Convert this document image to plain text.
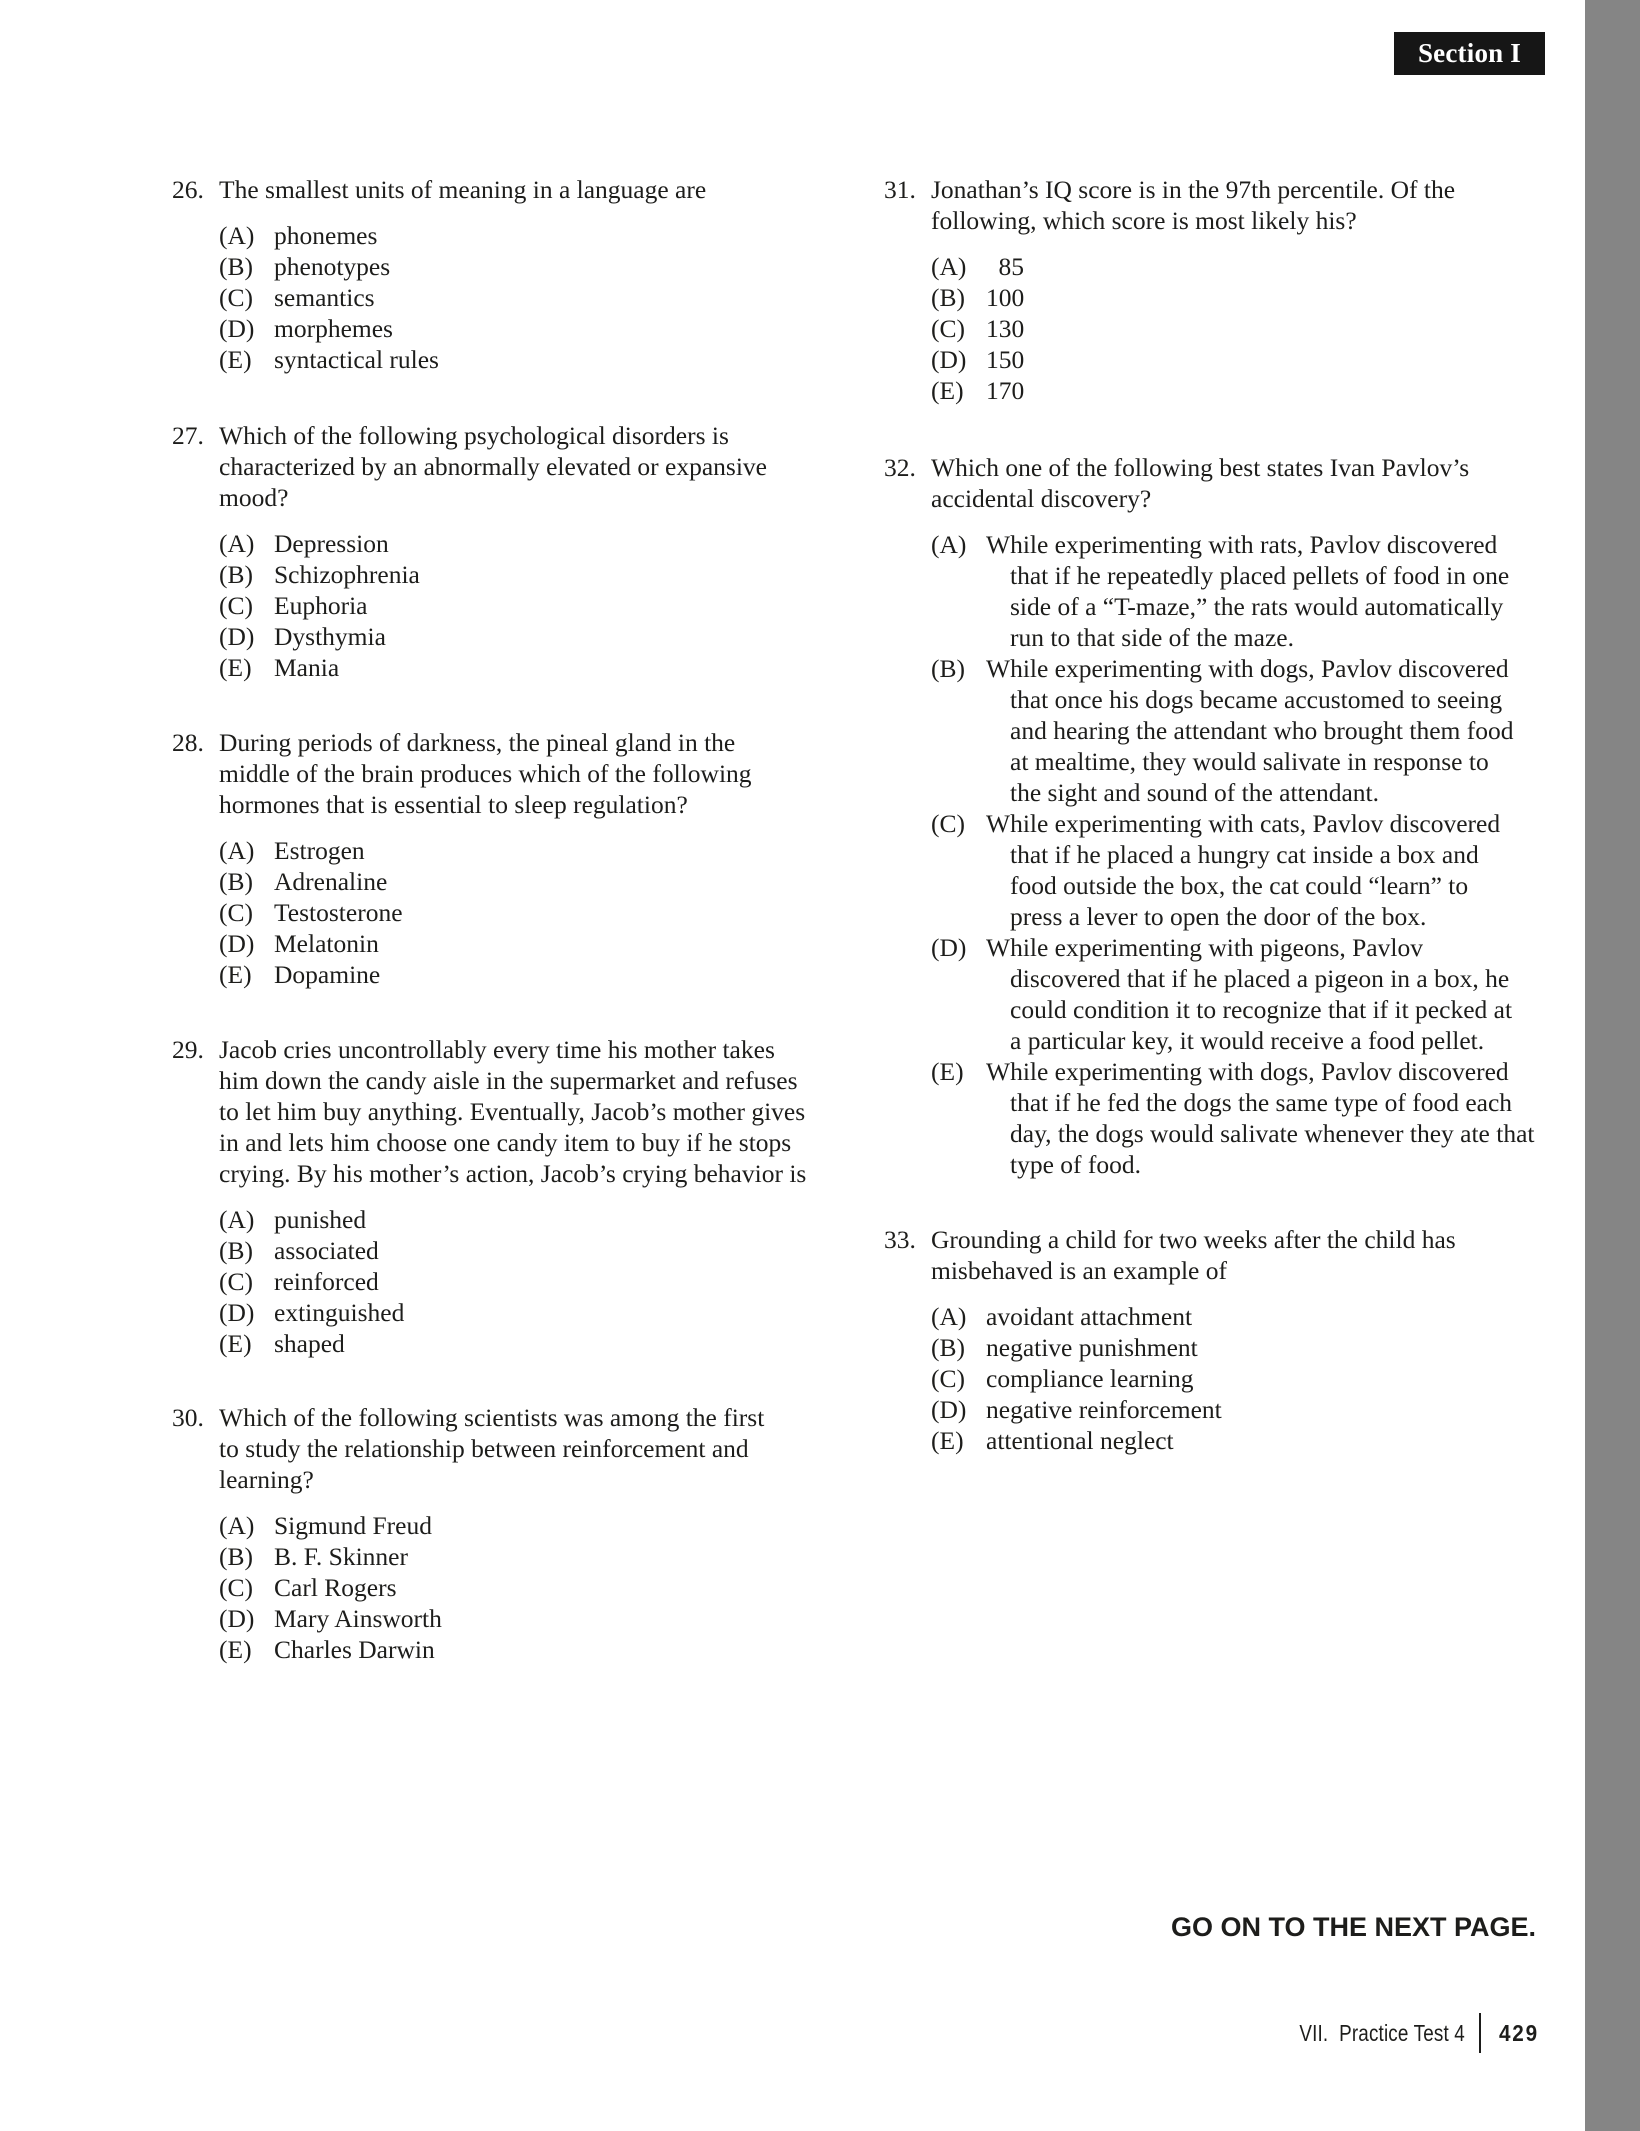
Section I
26. The smallest units of meaning in a language are
(A) phonemes
(B) phenotypes
(C) semantics
(D) morphemes
(E) syntactical rules
27. Which of the following psychological disorders is
characterized by an abnormally elevated or expansive
mood?
(A) Depression
(B) Schizophrenia
(C) Euphoria
(D) Dysthymia
(E) Mania
28. During periods of darkness, the pineal gland in the
middle of the brain produces which of the following
hormones that is essential to sleep regulation?
(A) Estrogen
(B) Adrenaline
(C) Testosterone
(D) Melatonin
(E) Dopamine
29. Jacob cries uncontrollably every time his mother takes
him down the candy aisle in the supermarket and refuses
to let him buy anything. Eventually, Jacob’s mother gives
in and lets him choose one candy item to buy if he stops
crying. By his mother’s action, Jacob’s crying behavior is
(A) punished
(B) associated
(C) reinforced
(D) extinguished
(E) shaped
30. Which of the following scientists was among the first
to study the relationship between reinforcement and
learning?
(A) Sigmund Freud
(B) B. F. Skinner
(C) Carl Rogers
(D) Mary Ainsworth
(E) Charles Darwin
31. Jonathan’s IQ score is in the 97th percentile. Of the
following, which score is most likely his?
(A)	85
(B) 100
(C) 130
(D) 150
(E) 170
32. Which one of the following best states Ivan Pavlov’s
accidental discovery?
(A) While experimenting with rats, Pavlov discovered
that if he repeatedly placed pellets of food in one
side of a “T-maze,” the rats would automatically
run to that side of the maze.
(B) While experimenting with dogs, Pavlov discovered
that once his dogs became accustomed to seeing
and hearing the attendant who brought them food
at mealtime, they would salivate in response to
the sight and sound of the attendant.
(C) While experimenting with cats, Pavlov discovered
that if he placed a hungry cat inside a box and
food outside the box, the cat could “learn” to
press a lever to open the door of the box.
(D) While experimenting with pigeons, Pavlov
discovered that if he placed a pigeon in a box, he
could condition it to recognize that if it pecked at
a particular key, it would receive a food pellet.
(E) While experimenting with dogs, Pavlov discovered
that if he fed the dogs the same type of food each
day, the dogs would salivate whenever they ate that
type of food.
33. Grounding a child for two weeks after the child has
misbehaved is an example of
(A) avoidant attachment
(B) negative punishment
(C) compliance learning
(D) negative reinforcement
(E) attentional neglect
GO ON TO THE NEXT PAGE.
VII.  Practice Test 4 429
